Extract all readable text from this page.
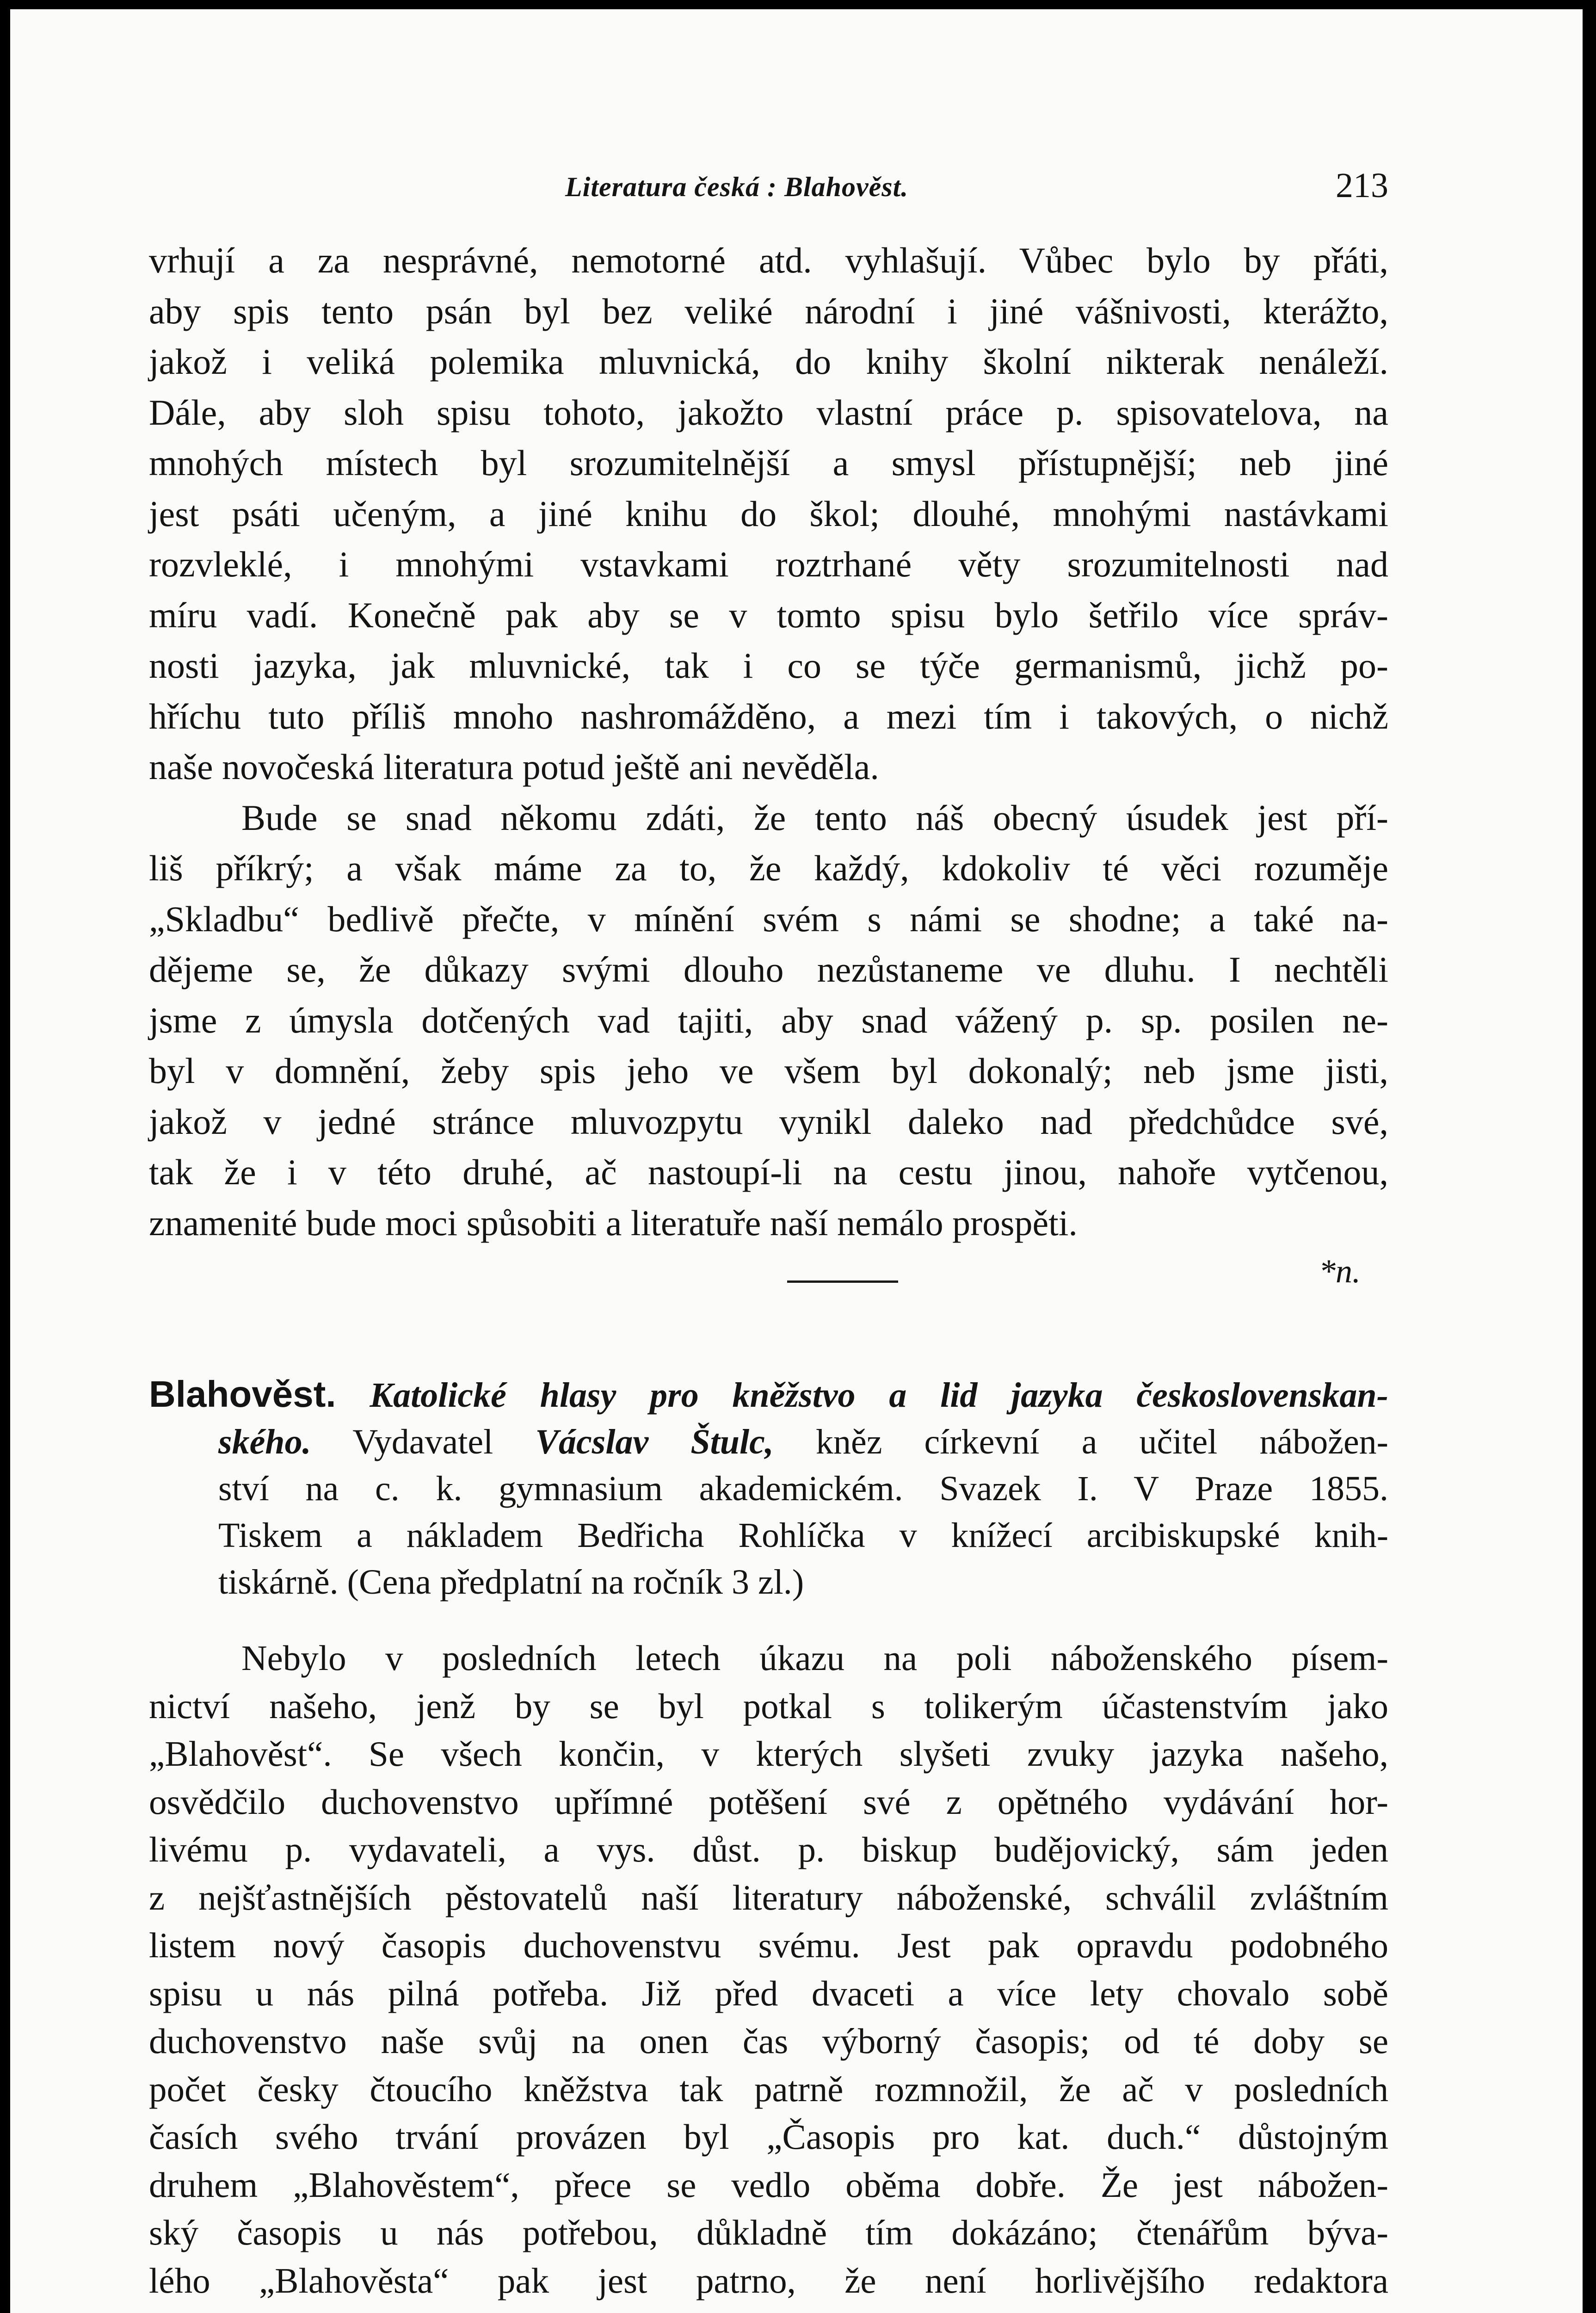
Literatura česká : Blahověst.	213

vrhují a za nesprávné, nemotorné atd. vyhlašují. Vůbec bylo by přáti,

aby spis tento psán byl bez veliké národní i jiné vášnivosti, kterážto,

jakož i veliká polemika mluvnická, do knihy školní nikterak nenáleží.

Dále, aby sloh spisu tohoto, jakožto vlastní práce p. spisovatelova, na

mnohých místech byl srozumitelnější a smysl přístupnější; neb jiné

jest psáti učeným, a jiné knihu do škol; dlouhé, mnohými nastávkami

rozvleklé, i mnohými vstavkami roztrhané věty srozumitelnosti nad

míru vadí. Konečně pak aby se v tomto spisu bylo šetřilo více správ-

nosti jazyka, jak mluvnické, tak i co se týče germanismů, jichž po-

hříchu tuto příliš mnoho nashromážděno, a mezi tím i takových, o nichž

naše novočeská literatura potud ještě ani nevěděla.

Bude se snad někomu zdáti, že tento náš obecný úsudek jest pří-

liš příkrý; a však máme za to, že každý, kdokoliv té věci rozuměje

„Skladbu“ bedlivě přečte, v mínění svém s námi se shodne; a také na-

dějeme se, že důkazy svými dlouho nezůstaneme ve dluhu. I nechtěli

jsme z úmysla dotčených vad tajiti, aby snad vážený p. sp. posilen ne-

byl v domnění, žeby spis jeho ve všem byl dokonalý; neb jsme jisti,

jakož v jedné stránce mluvozpytu vynikl daleko nad předchůdce své,

tak že i v této druhé, ač nastoupí-li na cestu jinou, nahoře vytčenou,

znamenité bude moci spůsobiti a literatuře naší nemálo prospěti.

*n.

Blahověst. Katolické hlasy pro kněžstvo a lid jazyka československan-

ského. Vydavatel Vácslav Štulc, kněz církevní a učitel nábožen-

ství na c. k. gymnasium akademickém. Svazek I. V Praze 1855.

Tiskem a nákladem Bedřicha Rohlíčka v knížecí arcibiskupské knih-

tiskárně. (Cena předplatní na ročník 3 zl.)

Nebylo v posledních letech úkazu na poli náboženského písem-

nictví našeho, jenž by se byl potkal s tolikerým účastenstvím jako

„Blahověst“. Se všech končin, v kterých slyšeti zvuky jazyka našeho,

osvědčilo duchovenstvo upřímné potěšení své z opětného vydávání hor-

livému p. vydavateli, a vys. důst. p. biskup budějovický, sám jeden

z nejšťastnějších pěstovatelů naší literatury náboženské, schválil zvláštním

listem nový časopis duchovenstvu svému. Jest pak opravdu podobného

spisu u nás pilná potřeba. Již před dvaceti a více lety chovalo sobě

duchovenstvo naše svůj na onen čas výborný časopis; od té doby se

počet česky čtoucího kněžstva tak patrně rozmnožil, že ač v posledních

časích svého trvání provázen byl „Časopis pro kat. duch.“ důstojným

druhem „Blahověstem“, přece se vedlo oběma dobře. Že jest nábožen-

ský časopis u nás potřebou, důkladně tím dokázáno; čtenářům býva-

lého „Blahověsta“ pak jest patrno, že není horlivějšího redaktora
